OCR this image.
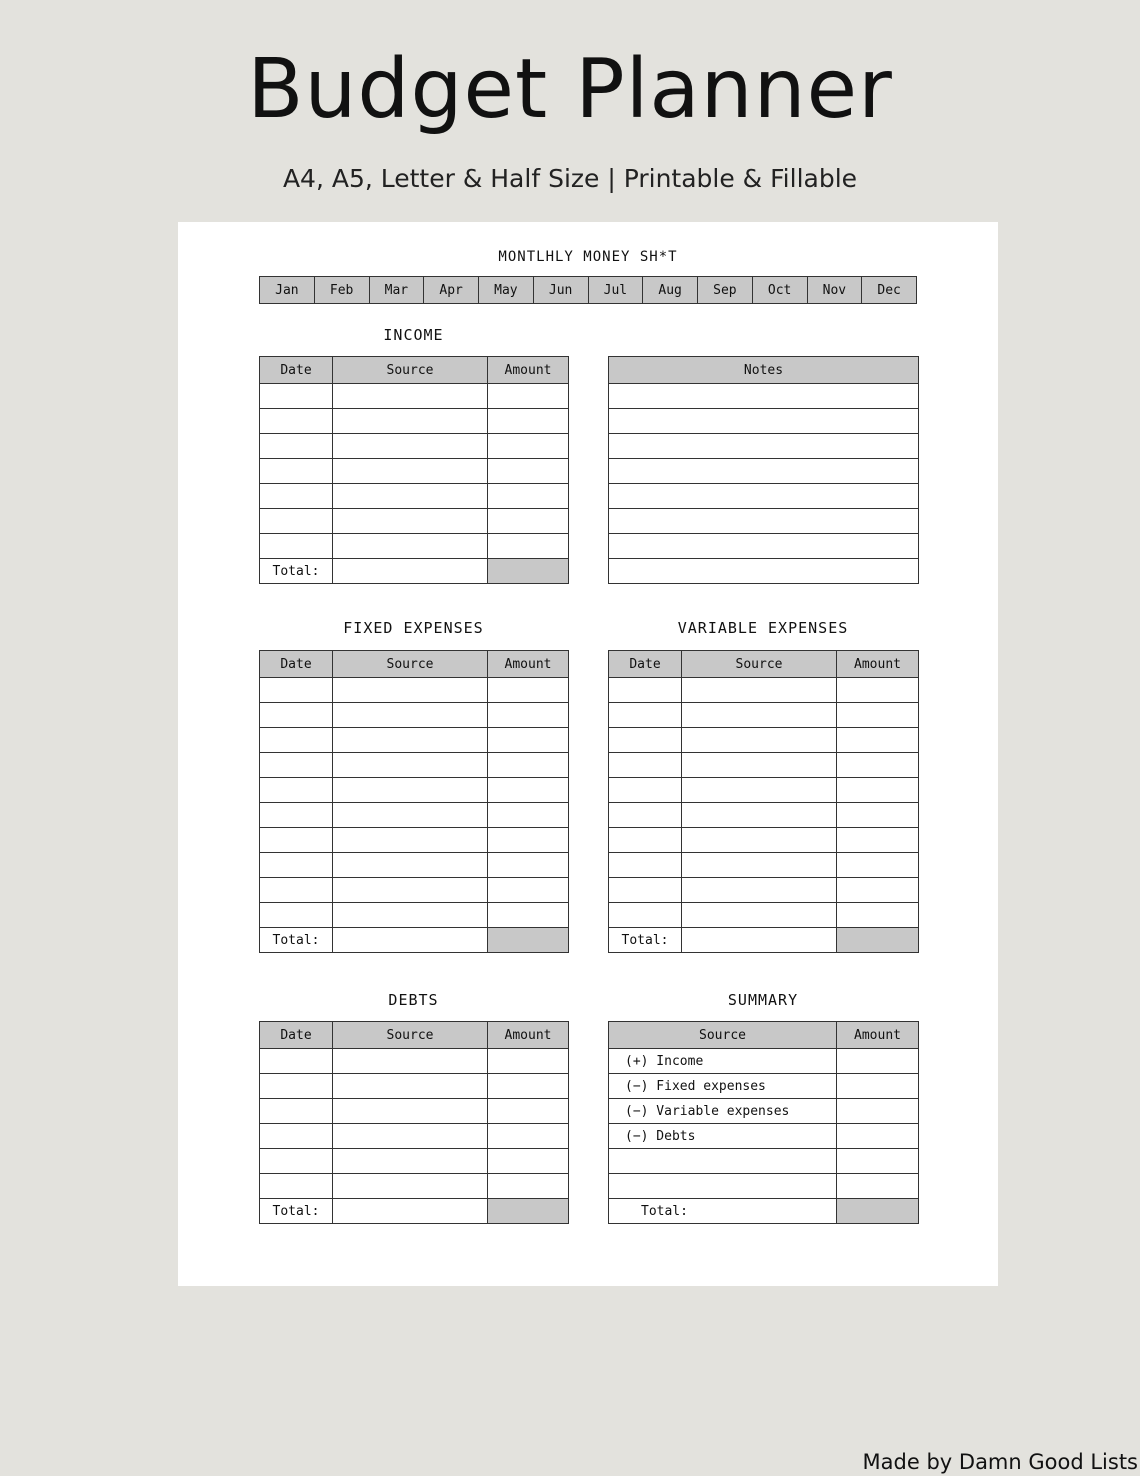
Budget Planner
A4, A5, Letter & Half Size | Printable & Fillable
MONTLHLY MONEY SH*T
Jan	Feb	Mar	Apr	May	Jun	Jul	Aug	Sep	Oct	Nov	Dec
INCOME
Date	Source	Amount

Total:		
Notes

FIXED EXPENSES
Date	Source	Amount

Total:		
VARIABLE EXPENSES
Date	Source	Amount

Total:		
DEBTS
Date	Source	Amount

Total:		
SUMMARY
Source	Amount
(+) Income	
(−) Fixed expenses	
(−) Variable expenses	
(−) Debts	

Total:	
Made by Damn Good Lists
